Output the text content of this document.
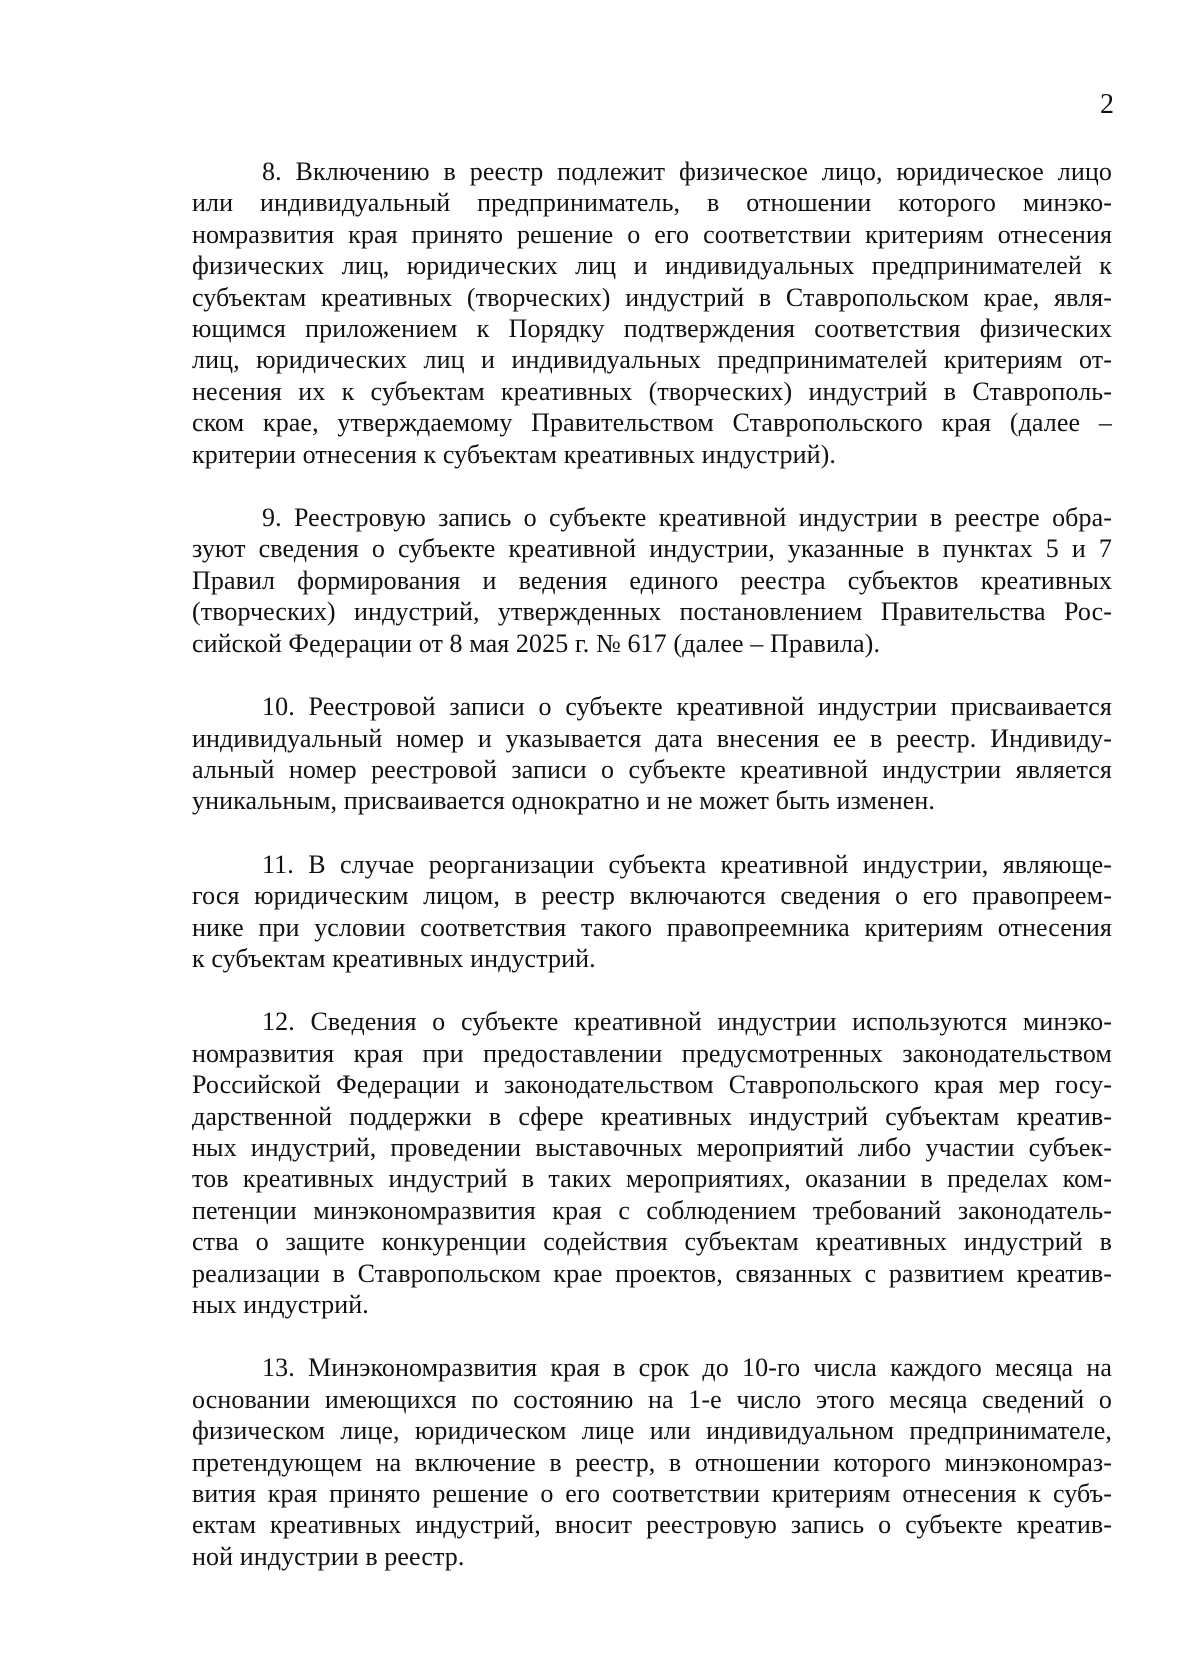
2
8. Включению в реестр подлежит физическое лицо, юридическое лицо
или индивидуальный предприниматель, в отношении которого минэко-
номразвития края принято решение о его соответствии критериям отнесения
физических лиц, юридических лиц и индивидуальных предпринимателей к
субъектам креативных (творческих) индустрий в Ставропольском крае, явля-
ющимся приложением к Порядку подтверждения соответствия физических
лиц, юридических лиц и индивидуальных предпринимателей критериям от-
несения их к субъектам креативных (творческих) индустрий в Ставрополь-
ском крае, утверждаемому Правительством Ставропольского края (далее –
критерии отнесения к субъектам креативных индустрий).
9. Реестровую запись о субъекте креативной индустрии в реестре обра-
зуют сведения о субъекте креативной индустрии, указанные в пунктах 5 и 7
Правил формирования и ведения единого реестра субъектов креативных
(творческих) индустрий, утвержденных постановлением Правительства Рос-
сийской Федерации от 8 мая 2025 г. № 617 (далее – Правила).
10. Реестровой записи о субъекте креативной индустрии присваивается
индивидуальный номер и указывается дата внесения ее в реестр. Индивиду-
альный номер реестровой записи о субъекте креативной индустрии является
уникальным, присваивается однократно и не может быть изменен.
11. В случае реорганизации субъекта креативной индустрии, являюще-
гося юридическим лицом, в реестр включаются сведения о его правопреем-
нике при условии соответствия такого правопреемника критериям отнесения
к субъектам креативных индустрий.
12. Сведения о субъекте креативной индустрии используются минэко-
номразвития края при предоставлении предусмотренных законодательством
Российской Федерации и законодательством Ставропольского края мер госу-
дарственной поддержки в сфере креативных индустрий субъектам креатив-
ных индустрий, проведении выставочных мероприятий либо участии субъек-
тов креативных индустрий в таких мероприятиях, оказании в пределах ком-
петенции минэкономразвития края с соблюдением требований законодатель-
ства о защите конкуренции содействия субъектам креативных индустрий в
реализации в Ставропольском крае проектов, связанных с развитием креатив-
ных индустрий.
13. Минэкономразвития края в срок до 10-го числа каждого месяца на
основании имеющихся по состоянию на 1-е число этого месяца сведений о
физическом лице, юридическом лице или индивидуальном предпринимателе,
претендующем на включение в реестр, в отношении которого минэкономраз-
вития края принято решение о его соответствии критериям отнесения к субъ-
ектам креативных индустрий, вносит реестровую запись о субъекте креатив-
ной индустрии в реестр.
